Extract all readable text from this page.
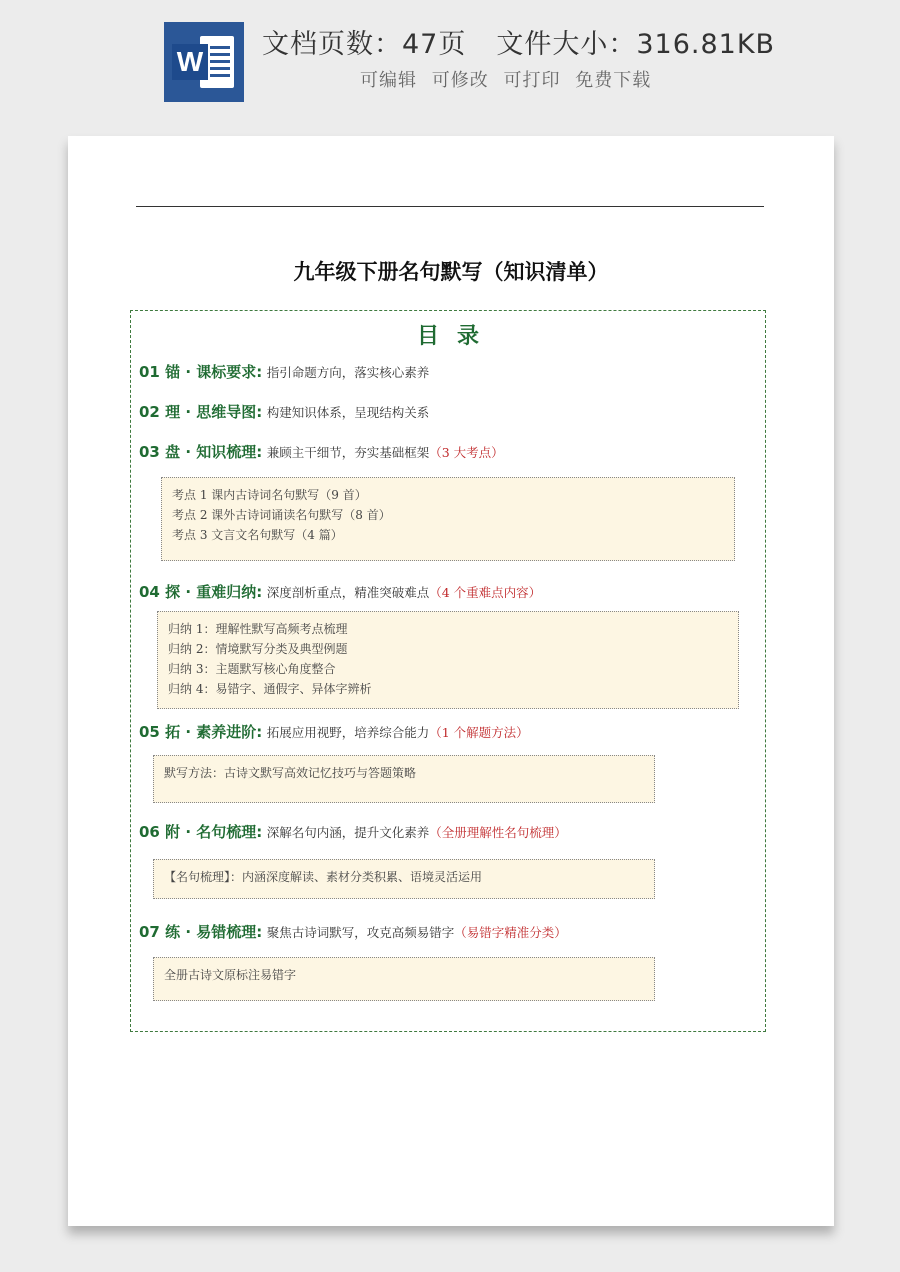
W
文档页数：47页 文件大小：316.81KB
可编辑 可修改 可打印 免费下载
九年级下册名句默写（知识清单）
目录
01 锚 · 课标要求: 指引命题方向，落实核心素养
02 理 · 思维导图: 构建知识体系，呈现结构关系
03 盘 · 知识梳理: 兼顾主干细节，夯实基础框架（3 大考点）
考点 1 课内古诗词名句默写（9 首）
考点 2 课外古诗词诵读名句默写（8 首）
考点 3 文言文名句默写（4 篇）
04 探 · 重难归纳: 深度剖析重点，精准突破难点（4 个重难点内容）
归纳 1：理解性默写高频考点梳理
归纳 2：情境默写分类及典型例题
归纳 3：主题默写核心角度整合
归纳 4：易错字、通假字、异体字辨析
05 拓 · 素养进阶: 拓展应用视野，培养综合能力（1 个解题方法）
默写方法：古诗文默写高效记忆技巧与答题策略
06 附 · 名句梳理: 深解名句内涵，提升文化素养（全册理解性名句梳理）
【名句梳理】：内涵深度解读、素材分类积累、语境灵活运用
07 练 · 易错梳理: 聚焦古诗词默写，攻克高频易错字（易错字精准分类）
全册古诗文原标注易错字
